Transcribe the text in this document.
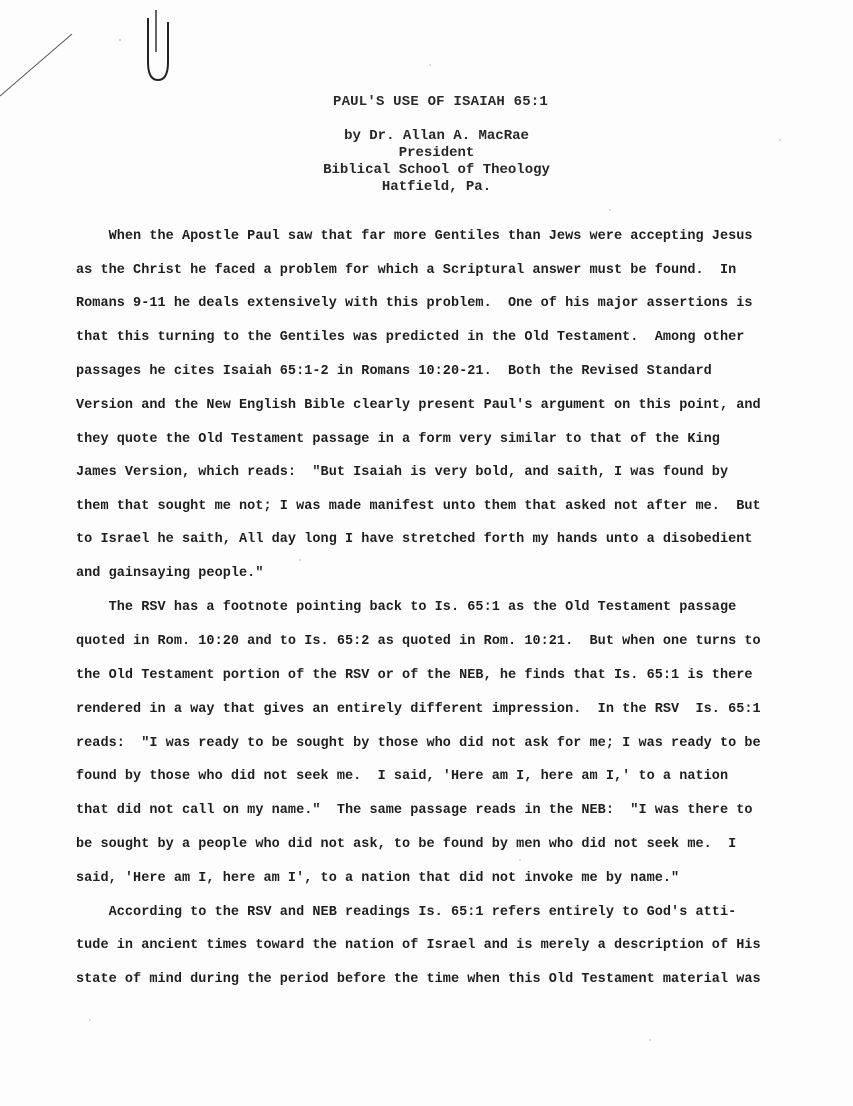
PAUL'S USE OF ISAIAH 65:1
by Dr. Allan A. MacRae
President
Biblical School of Theology
Hatfield, Pa.
When the Apostle Paul saw that far more Gentiles than Jews were accepting Jesus
as the Christ he faced a problem for which a Scriptural answer must be found.  In
Romans 9-11 he deals extensively with this problem.  One of his major assertions is
that this turning to the Gentiles was predicted in the Old Testament.  Among other
passages he cites Isaiah 65:1-2 in Romans 10:20-21.  Both the Revised Standard
Version and the New English Bible clearly present Paul's argument on this point, and
they quote the Old Testament passage in a form very similar to that of the King
James Version, which reads:  "But Isaiah is very bold, and saith, I was found by
them that sought me not; I was made manifest unto them that asked not after me.  But
to Israel he saith, All day long I have stretched forth my hands unto a disobedient
and gainsaying people."
The RSV has a footnote pointing back to Is. 65:1 as the Old Testament passage
quoted in Rom. 10:20 and to Is. 65:2 as quoted in Rom. 10:21.  But when one turns to
the Old Testament portion of the RSV or of the NEB, he finds that Is. 65:1 is there
rendered in a way that gives an entirely different impression.  In the RSV  Is. 65:1
reads:  "I was ready to be sought by those who did not ask for me; I was ready to be
found by those who did not seek me.  I said, 'Here am I, here am I,' to a nation
that did not call on my name."  The same passage reads in the NEB:  "I was there to
be sought by a people who did not ask, to be found by men who did not seek me.  I
said, 'Here am I, here am I', to a nation that did not invoke me by name."
According to the RSV and NEB readings Is. 65:1 refers entirely to God's atti-
tude in ancient times toward the nation of Israel and is merely a description of His
state of mind during the period before the time when this Old Testament material was
